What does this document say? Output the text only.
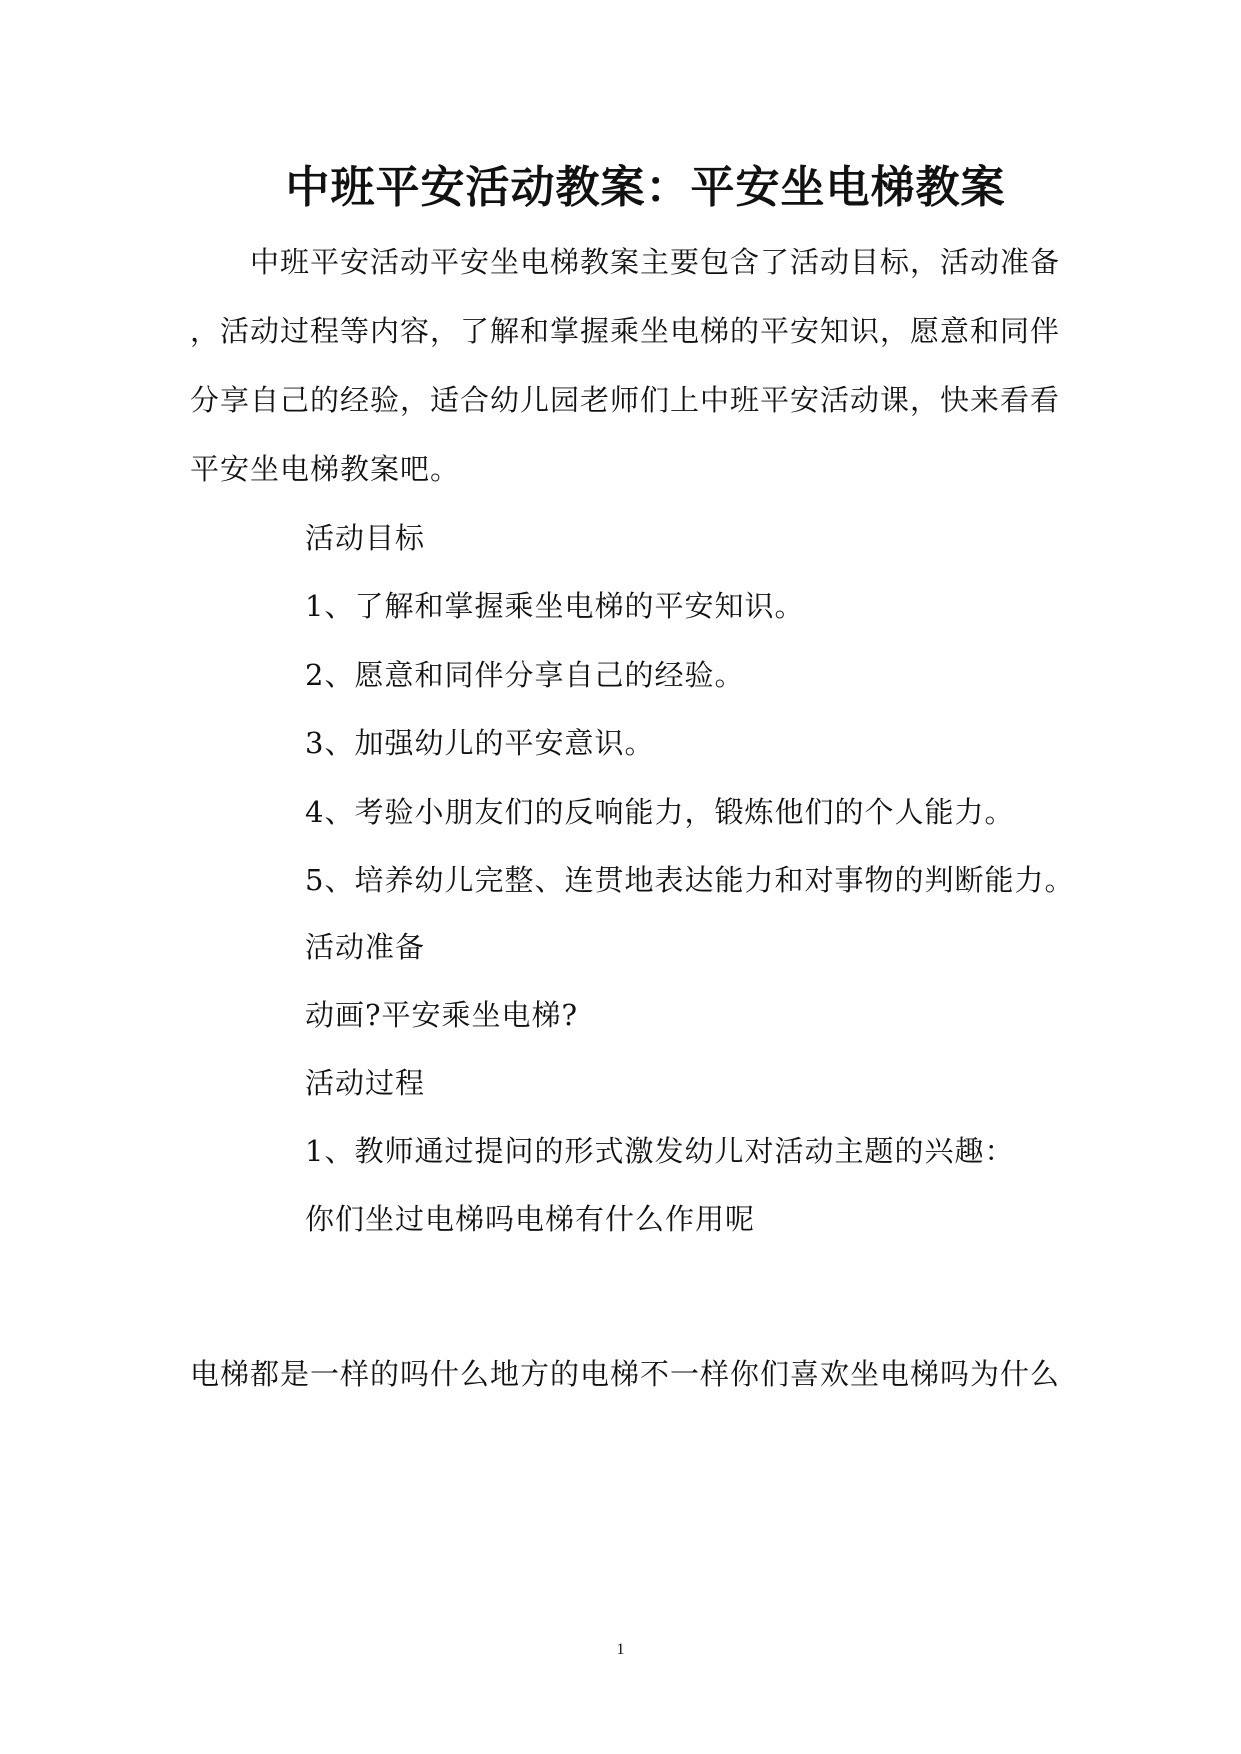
中班平安活动教案：平安坐电梯教案
　　中班平安活动平安坐电梯教案主要包含了活动目标，活动准备
，活动过程等内容，了解和掌握乘坐电梯的平安知识，愿意和同伴
分享自己的经验，适合幼儿园老师们上中班平安活动课，快来看看
平安坐电梯教案吧。
活动目标
1、了解和掌握乘坐电梯的平安知识。
2、愿意和同伴分享自己的经验。
3、加强幼儿的平安意识。
4、考验小朋友们的反响能力，锻炼他们的个人能力。
5、培养幼儿完整、连贯地表达能力和对事物的判断能力。
活动准备
动画?平安乘坐电梯?
活动过程
1、教师通过提问的形式激发幼儿对活动主题的兴趣：
你们坐过电梯吗电梯有什么作用呢
电梯都是一样的吗什么地方的电梯不一样你们喜欢坐电梯吗为什么
1
